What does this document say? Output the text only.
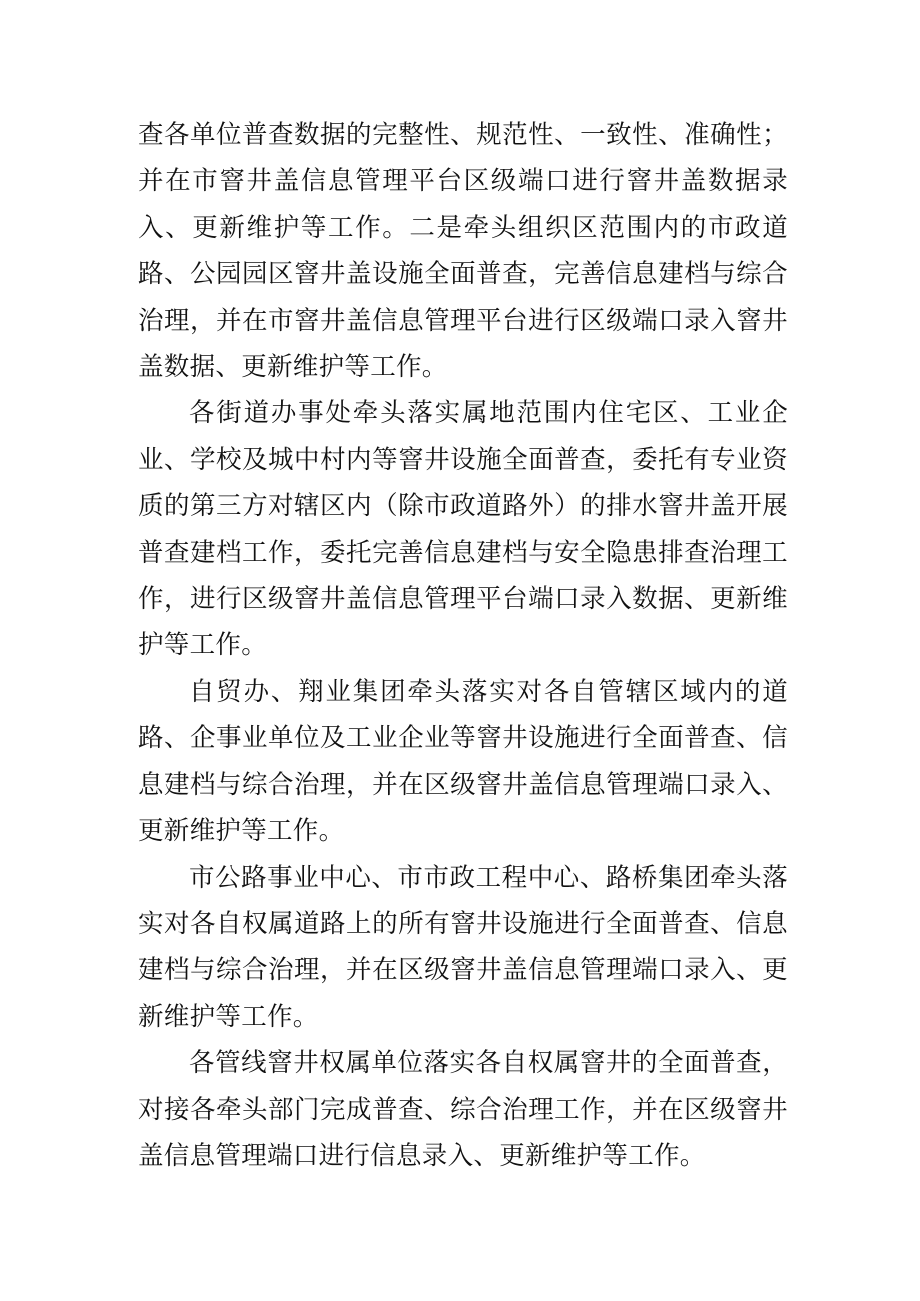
查各单位普查数据的完整性、规范性、一致性、准确性；并在市窨井盖信息管理平台区级端口进行窨井盖数据录入、更新维护等工作。二是牵头组织区范围内的市政道路、公园园区窨井盖设施全面普查，完善信息建档与综合治理，并在市窨井盖信息管理平台进行区级端口录入窨井盖数据、更新维护等工作。

各街道办事处牵头落实属地范围内住宅区、工业企业、学校及城中村内等窨井设施全面普查，委托有专业资质的第三方对辖区内（除市政道路外）的排水窨井盖开展普查建档工作，委托完善信息建档与安全隐患排查治理工作，进行区级窨井盖信息管理平台端口录入数据、更新维护等工作。

自贸办、翔业集团牵头落实对各自管辖区域内的道路、企事业单位及工业企业等窨井设施进行全面普查、信息建档与综合治理，并在区级窨井盖信息管理端口录入、更新维护等工作。

市公路事业中心、市市政工程中心、路桥集团牵头落实对各自权属道路上的所有窨井设施进行全面普查、信息建档与综合治理，并在区级窨井盖信息管理端口录入、更新维护等工作。

各管线窨井权属单位落实各自权属窨井的全面普查，对接各牵头部门完成普查、综合治理工作，并在区级窨井盖信息管理端口进行信息录入、更新维护等工作。
